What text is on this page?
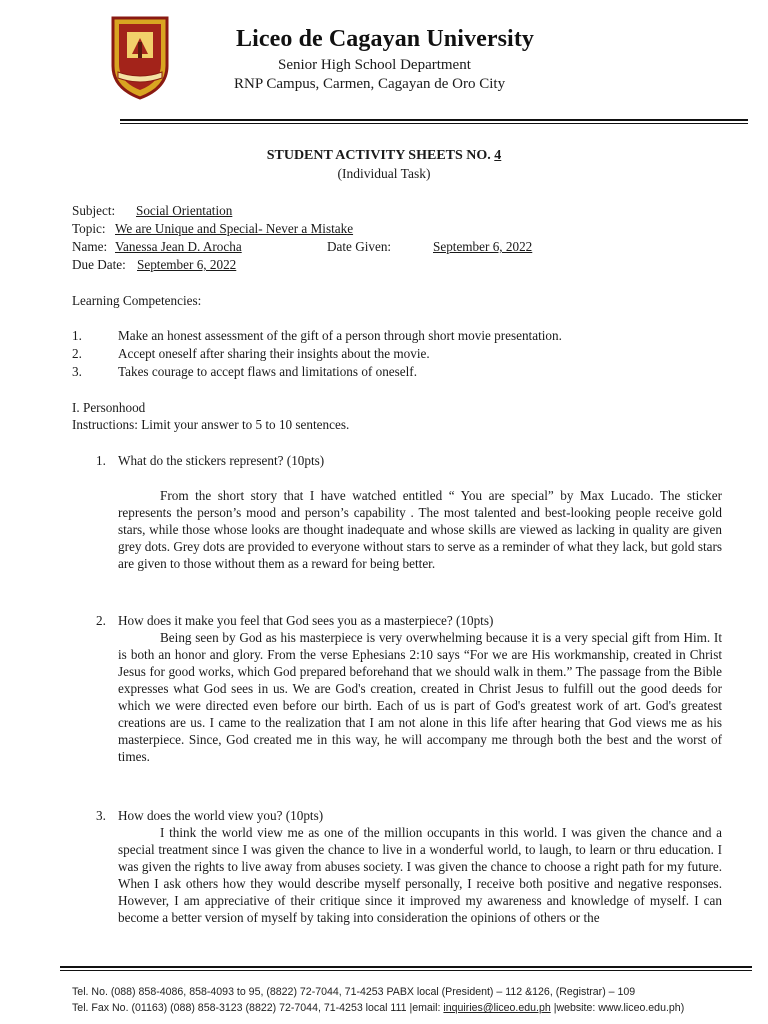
Liceo de Cagayan University
Senior High School Department
RNP Campus, Carmen, Cagayan de Oro City
STUDENT ACTIVITY SHEETS NO. 4
(Individual Task)
Subject: Social Orientation
Topic: We are Unique and Special- Never a Mistake
Name: Vanessa Jean D. Arocha	Date Given:	September 6, 2022
Due Date: September 6, 2022
Learning Competencies:
1.	Make an honest assessment of the gift of a person through short movie presentation.
2.	Accept oneself after sharing their insights about the movie.
3.	Takes courage to accept flaws and limitations of oneself.
I. Personhood
Instructions: Limit your answer to 5 to 10 sentences.
1. What do the stickers represent? (10pts)

From the short story that I have watched entitled “ You are special” by Max Lucado. The sticker represents the person’s mood and person’s capability . The most talented and best-looking people receive gold stars, while those whose looks are thought inadequate and whose skills are viewed as lacking in quality are given grey dots. Grey dots are provided to everyone without stars to serve as a reminder of what they lack, but gold stars are given to those without them as a reward for being better.

2. How does it make you feel that God sees you as a masterpiece? (10pts)

Being seen by God as his masterpiece is very overwhelming because it is a very special gift from Him. It is both an honor and glory. From the verse Ephesians 2:10 says “For we are His workmanship, created in Christ Jesus for good works, which God prepared beforehand that we should walk in them.” The passage from the Bible expresses what God sees in us. We are God's creation, created in Christ Jesus to fulfill out the good deeds for which we were directed even before our birth. Each of us is part of God's greatest work of art. God's greatest creations are us. I came to the realization that I am not alone in this life after hearing that God views me as his masterpiece. Since, God created me in this way, he will accompany me through both the best and the worst of times.

3. How does the world view you? (10pts)

I think the world view me as one of the million occupants in this world. I was given the chance and a special treatment since I was given the chance to live in a wonderful world, to laugh, to learn or thru education. I was given the rights to live away from abuses society. I was given the chance to choose a right path for my future. When I ask others how they would describe myself personally, I receive both positive and negative responses. However, I am appreciative of their critique since it improved my awareness and knowledge of myself. I can become a better version of myself by taking into consideration the opinions of others or the

Tel. No. (088) 858-4086, 858-4093 to 95, (8822) 72-7044, 71-4253 PABX local (President) – 112 &126, (Registrar) – 109
Tel. Fax No. (01163) (088) 858-3123 (8822) 72-7044, 71-4253 local 111 |email: inquiries@liceo.edu.ph |website: www.liceo.edu.ph)
